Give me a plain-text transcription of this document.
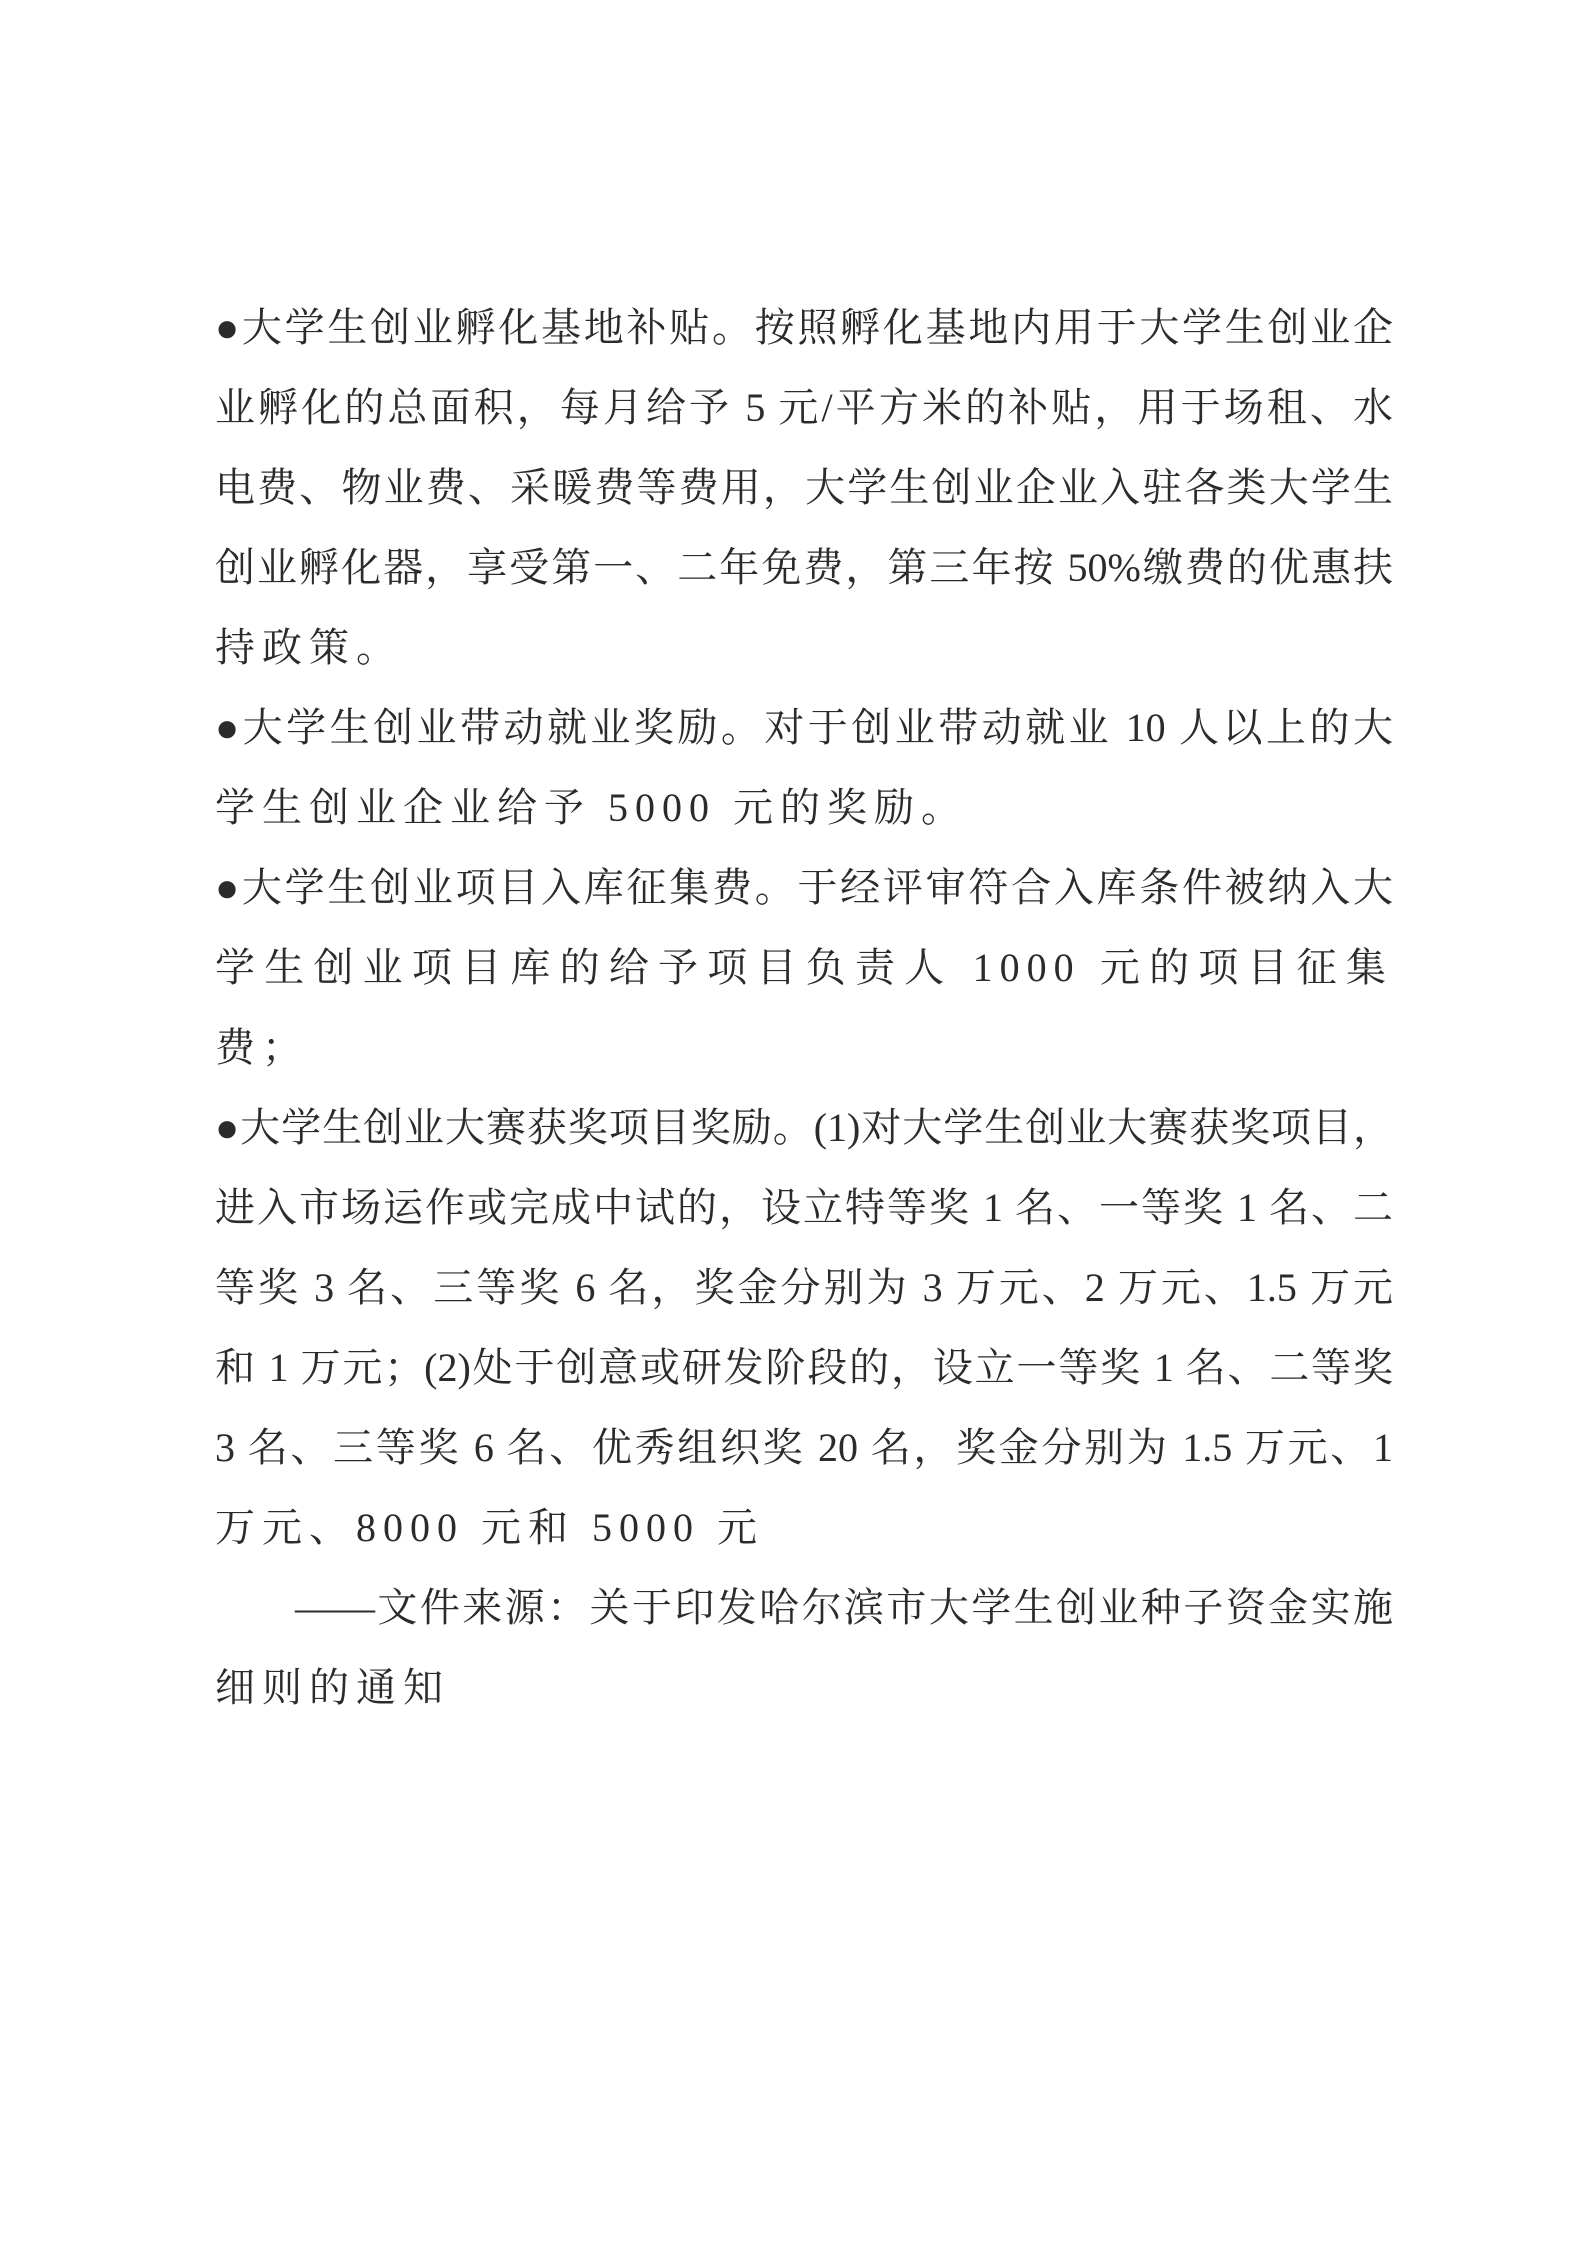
●大学生创业孵化基地补贴。按照孵化基地内用于大学生创业企
业孵化的总面积，每月给予 5 元/平方米的补贴，用于场租、水
电费、物业费、采暖费等费用，大学生创业企业入驻各类大学生
创业孵化器，享受第一、二年免费，第三年按 50%缴费的优惠扶
持政策。

●大学生创业带动就业奖励。对于创业带动就业 10 人以上的大
学生创业企业给予 5000 元的奖励。

●大学生创业项目入库征集费。于经评审符合入库条件被纳入大
学生创业项目库的给予项目负责人 1000 元的项目征集费；

●大学生创业大赛获奖项目奖励。(1)对大学生创业大赛获奖项目，
进入市场运作或完成中试的，设立特等奖 1 名、一等奖 1 名、二
等奖 3 名、三等奖 6 名，奖金分别为 3 万元、2 万元、1.5 万元
和 1 万元；(2)处于创意或研发阶段的，设立一等奖 1 名、二等奖
3 名、三等奖 6 名、优秀组织奖 20 名，奖金分别为 1.5 万元、1
万元、8000 元和 5000 元

——文件来源：关于印发哈尔滨市大学生创业种子资金实施
细则的通知
